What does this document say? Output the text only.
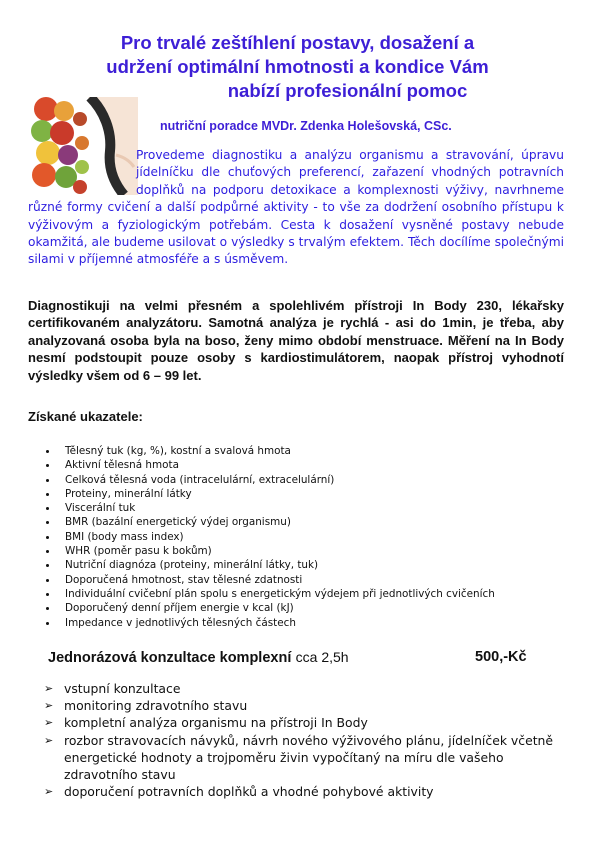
Pro trvalé zeštíhlení postavy, dosažení a
udržení optimální hmotnosti a kondice Vám
nabízí profesionální pomoc

nutriční poradce MVDr. Zdenka Holešovská, CSc.

Provedeme diagnostiku a analýzu organismu a stravování, úpravu jídelníčku dle chuťových preferencí, zařazení vhodných potravních doplňků na podporu detoxikace a komplexnosti výživy, navrhneme různé formy cvičení a další podpůrné aktivity - to vše za dodržení osobního přístupu k výživovým a fyziologickým potřebám. Cesta k dosažení vysněné postavy nebude okamžitá, ale budeme usilovat o výsledky s trvalým efektem. Těch docílíme společnými silami v příjemné atmosféře a s úsměvem.

Diagnostikuji na velmi přesném a spolehlivém přístroji In Body 230, lékařsky certifikovaném analyzátoru. Samotná analýza je rychlá - asi do 1min, je třeba, aby analyzovaná osoba byla na boso, ženy mimo období menstruace. Měření na In Body nesmí podstoupit pouze osoby s kardiostimulátorem, naopak přístroj vyhodnotí výsledky všem od 6 – 99 let.

Získané ukazatele:
Tělesný tuk (kg, %), kostní a svalová hmota
Aktivní tělesná hmota
Celková tělesná voda (intracelulární, extracelulární)
Proteiny, minerální látky
Viscerální tuk
BMR (bazální energetický výdej organismu)
BMI (body mass index)
WHR (poměr pasu k bokům)
Nutriční diagnóza (proteiny, minerální látky, tuk)
Doporučená hmotnost, stav tělesné zdatnosti
Individuální cvičební plán spolu s energetickým výdejem při jednotlivých cvičeních
Doporučený denní příjem energie v kcal (kJ)
Impedance v jednotlivých tělesných částech
Jednorázová konzultace komplexní cca 2,5h	500,-Kč
➢ vstupní konzultace
➢ monitoring zdravotního stavu
➢ kompletní analýza organismu na přístroji In Body
➢ rozbor stravovacích návyků, návrh nového výživového plánu, jídelníček včetně energetické hodnoty a trojpoměru živin vypočítaný na míru dle vašeho zdravotního stavu
➢ doporučení potravních doplňků a vhodné pohybové aktivity
